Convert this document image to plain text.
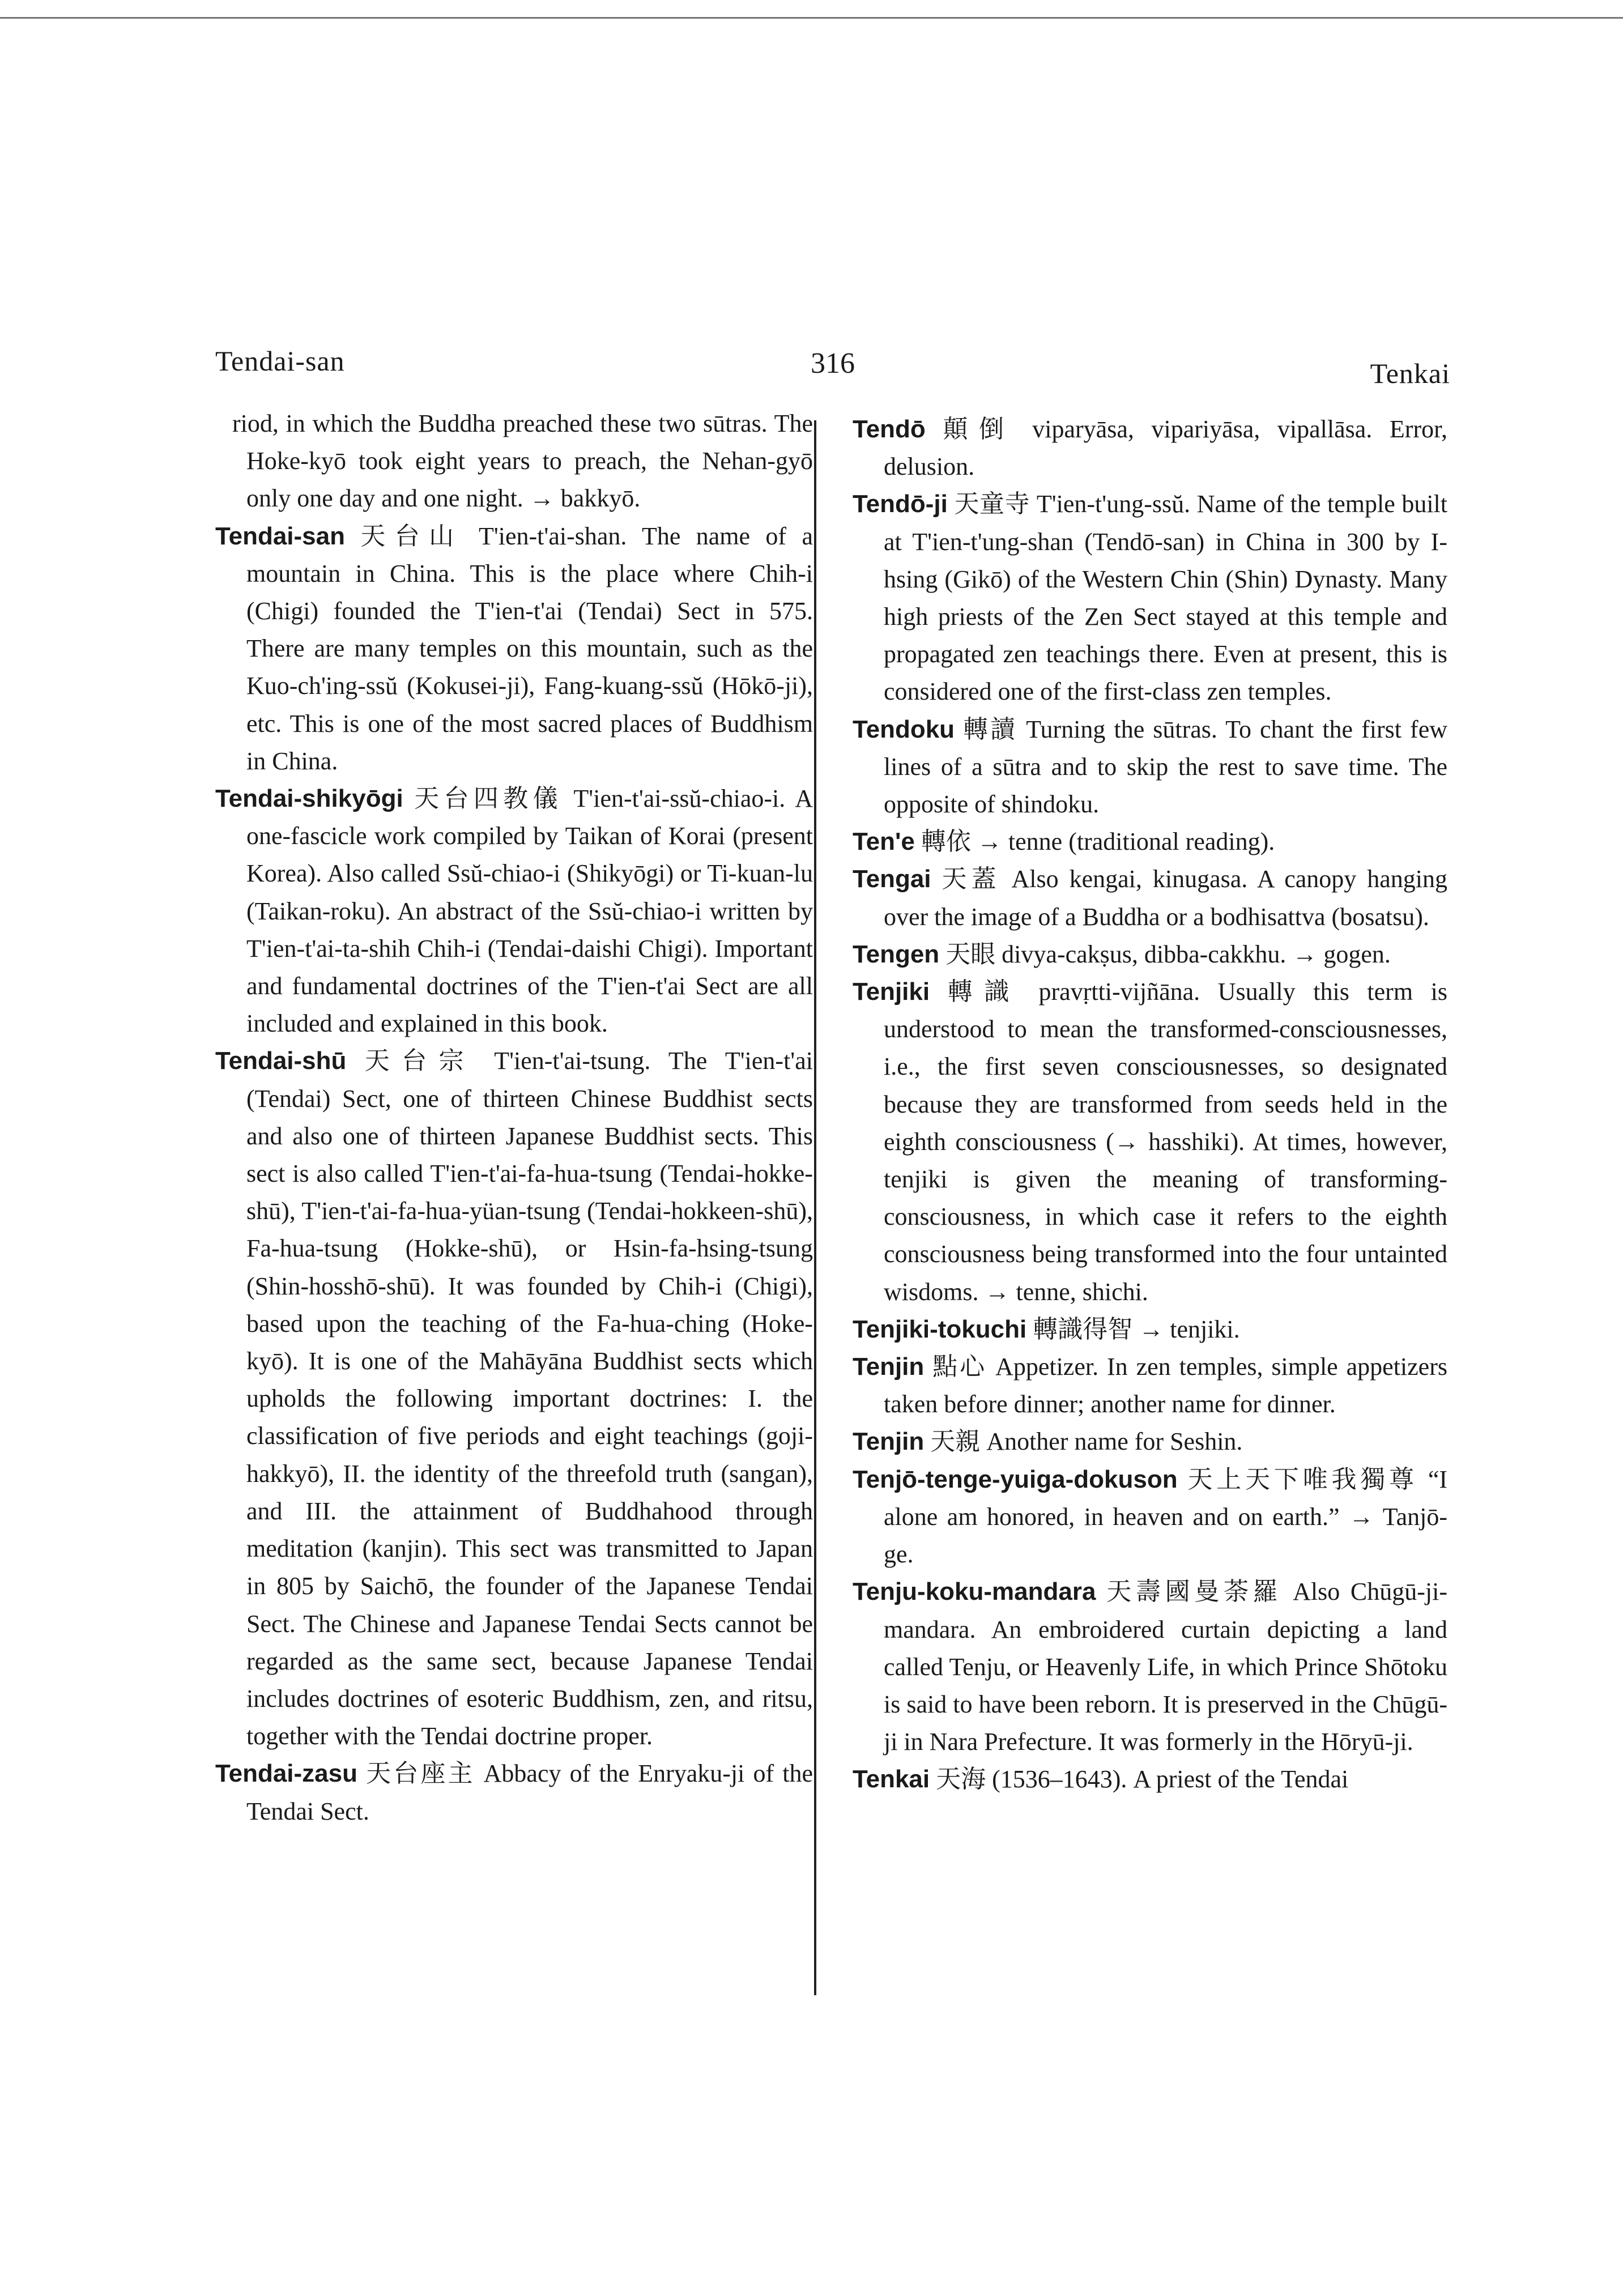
Tendai-san	316	Tenkai
riod, in which the Buddha preached these two sūtras. The Hoke-kyō took eight years to preach, the Nehan-gyō only one day and one night. → bakkyō.
Tendai-san 天台山 T'ien-t'ai-shan. The name of a mountain in China. This is the place where Chih-i (Chigi) founded the T'ien-t'ai (Tendai) Sect in 575. There are many temples on this mountain, such as the Kuo-ch'ing-ssŭ (Kokusei-ji), Fang-kuang-ssŭ (Hōkō-ji), etc. This is one of the most sacred places of Buddhism in China.
Tendai-shikyōgi 天台四教儀 T'ien-t'ai-ssŭ-chiao-i. A one-fascicle work compiled by Taikan of Korai (present Korea). Also called Ssŭ-chiao-i (Shikyōgi) or Ti-kuan-lu (Taikan-roku). An abstract of the Ssŭ-chiao-i written by T'ien-t'ai-ta-shih Chih-i (Tendai-daishi Chigi). Important and fundamental doctrines of the T'ien-t'ai Sect are all included and explained in this book.
Tendai-shū 天台宗 T'ien-t'ai-tsung. The T'ien-t'ai (Tendai) Sect, one of thirteen Chinese Buddhist sects and also one of thirteen Japanese Buddhist sects. This sect is also called T'ien-t'ai-fa-hua-tsung (Tendai-hokke-shū), T'ien-t'ai-fa-hua-yüan-tsung (Tendai-hokkeen-shū), Fa-hua-tsung (Hokke-shū), or Hsin-fa-hsing-tsung (Shin-hosshō-shū). It was founded by Chih-i (Chigi), based upon the teaching of the Fa-hua-ching (Hoke-kyō). It is one of the Mahāyāna Buddhist sects which upholds the following important doctrines: I. the classification of five periods and eight teachings (goji-hakkyō), II. the identity of the threefold truth (sangan), and III. the attainment of Buddhahood through meditation (kanjin). This sect was transmitted to Japan in 805 by Saichō, the founder of the Japanese Tendai Sect. The Chinese and Japanese Tendai Sects cannot be regarded as the same sect, because Japanese Tendai includes doctrines of esoteric Buddhism, zen, and ritsu, together with the Tendai doctrine proper.
Tendai-zasu 天台座主 Abbacy of the Enryaku-ji of the Tendai Sect.
Tendō 顛倒 viparyāsa, vipariyāsa, vipallāsa. Error, delusion.
Tendō-ji 天童寺 T'ien-t'ung-ssŭ. Name of the temple built at T'ien-t'ung-shan (Tendō-san) in China in 300 by I-hsing (Gikō) of the Western Chin (Shin) Dynasty. Many high priests of the Zen Sect stayed at this temple and propagated zen teachings there. Even at present, this is considered one of the first-class zen temples.
Tendoku 轉讀 Turning the sūtras. To chant the first few lines of a sūtra and to skip the rest to save time. The opposite of shindoku.
Ten'e 轉依 → tenne (traditional reading).
Tengai 天蓋 Also kengai, kinugasa. A canopy hanging over the image of a Buddha or a bodhisattva (bosatsu).
Tengen 天眼 divya-cakṣus, dibba-cakkhu. → gogen.
Tenjiki 轉識 pravṛtti-vijñāna. Usually this term is understood to mean the transformed-consciousnesses, i.e., the first seven consciousnesses, so designated because they are transformed from seeds held in the eighth consciousness (→ hasshiki). At times, however, tenjiki is given the meaning of transforming-consciousness, in which case it refers to the eighth consciousness being transformed into the four untainted wisdoms. → tenne, shichi.
Tenjiki-tokuchi 轉識得智 → tenjiki.
Tenjin 點心 Appetizer. In zen temples, simple appetizers taken before dinner; another name for dinner.
Tenjin 天親 Another name for Seshin.
Tenjō-tenge-yuiga-dokuson 天上天下唯我獨尊 “I alone am honored, in heaven and on earth.” → Tanjō-ge.
Tenju-koku-mandara 天壽國曼荼羅 Also Chūgū-ji-mandara. An embroidered curtain depicting a land called Tenju, or Heavenly Life, in which Prince Shōtoku is said to have been reborn. It is preserved in the Chūgū-ji in Nara Prefecture. It was formerly in the Hōryū-ji.
Tenkai 天海 (1536–1643). A priest of the Tendai
